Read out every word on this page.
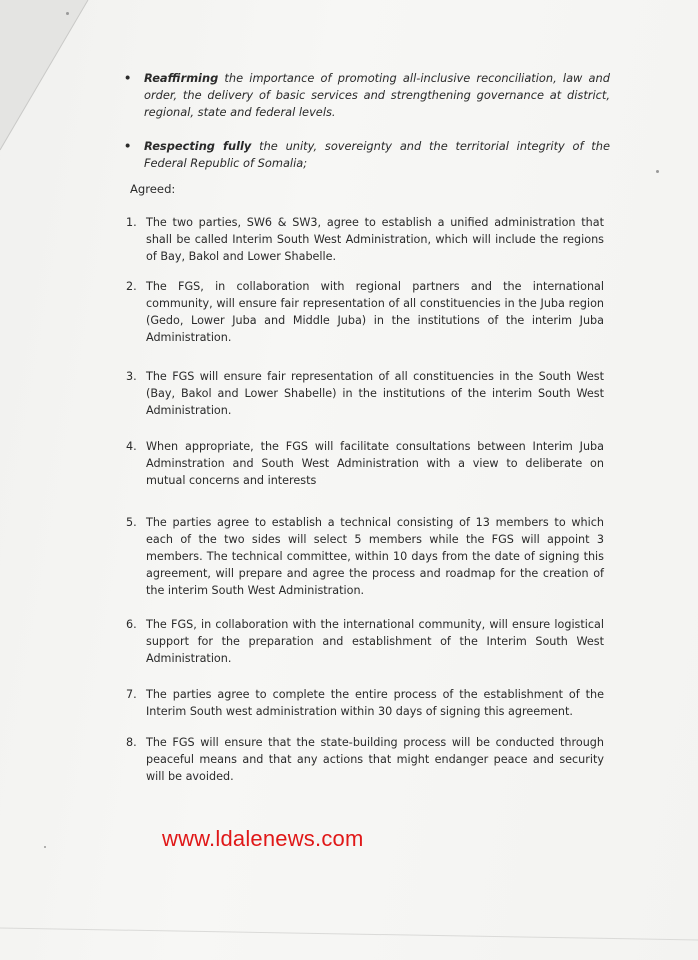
•	Reaffirming the importance of promoting all-inclusive reconciliation, law and order, the delivery of basic services and strengthening governance at district, regional, state and federal levels.
•	Respecting fully the unity, sovereignty and the territorial integrity of the Federal Republic of Somalia;
Agreed:
1. The two parties, SW6 & SW3, agree to establish a unified administration that shall be called Interim South West Administration, which will include the regions of Bay, Bakol and Lower Shabelle.
2. The FGS, in collaboration with regional partners and the international community, will ensure fair representation of all constituencies in the Juba region (Gedo, Lower Juba and Middle Juba) in the institutions of the interim Juba Administration.
3. The FGS will ensure fair representation of all constituencies in the South West (Bay, Bakol and Lower Shabelle) in the institutions of the interim South West Administration.
4. When appropriate, the FGS will facilitate consultations between Interim Juba Adminstration and South West Administration with a view to deliberate on mutual concerns and interests
5. The parties agree to establish a technical consisting of 13 members to which each of the two sides will select 5 members while the FGS will appoint 3 members. The technical committee, within 10 days from the date of signing this agreement, will prepare and agree the process and roadmap for the creation of the interim South West Administration.
6. The FGS, in collaboration with the international community, will ensure logistical support for the preparation and establishment of the Interim South West Administration.
7. The parties agree to complete the entire process of the establishment of the Interim South west administration within 30 days of signing this agreement.
8. The FGS will ensure that the state-building process will be conducted through peaceful means and that any actions that might endanger peace and security will be avoided.
www.ldalenews.com
